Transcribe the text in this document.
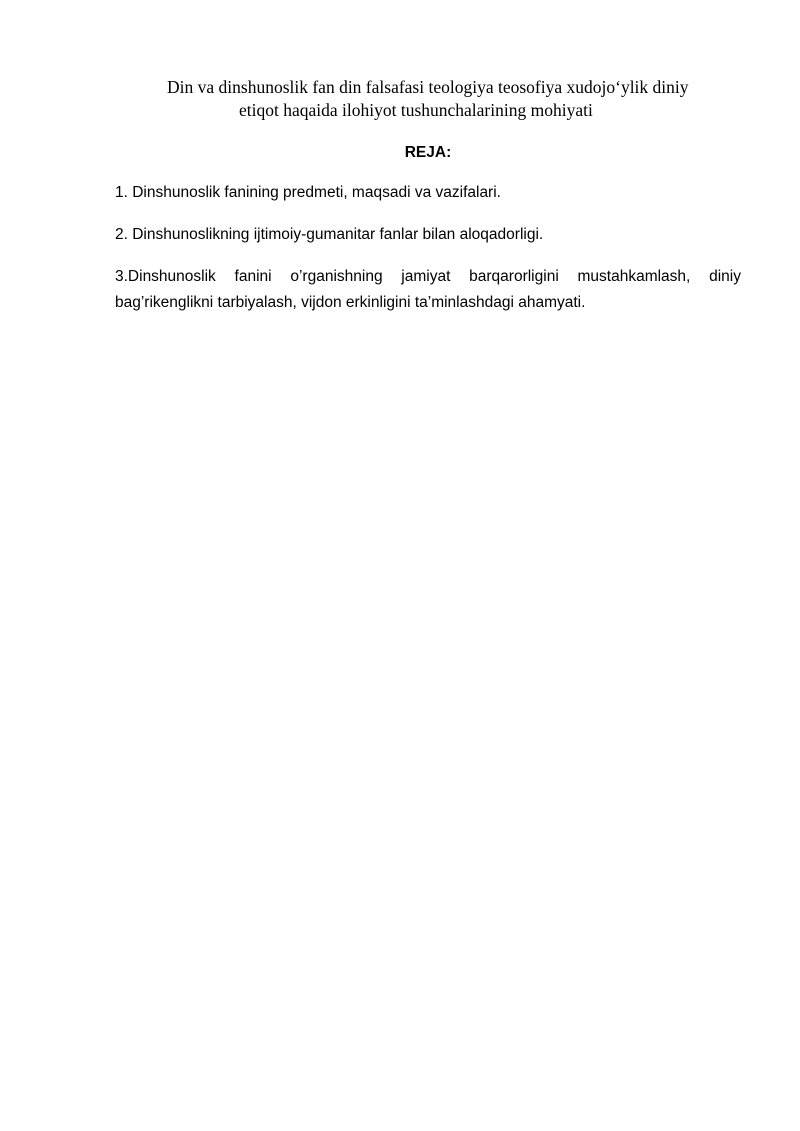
Din va dinshunoslik fan din falsafasi teologiya teosofiya xudojo‘ylik diniy
etiqot haqaida ilohiyot tushunchalarining mohiyati
REJA:
1. Dinshunoslik fanining predmeti, maqsadi va vazifalari.
2. Dinshunoslikning ijtimoiy-gumanitar fanlar bilan aloqadorligi.
3.Dinshunoslik fanini o’rganishning jamiyat barqarorligini mustahkamlash, diniy bag’rikenglikni tarbiyalash, vijdon erkinligini ta’minlashdagi ahamyati.
